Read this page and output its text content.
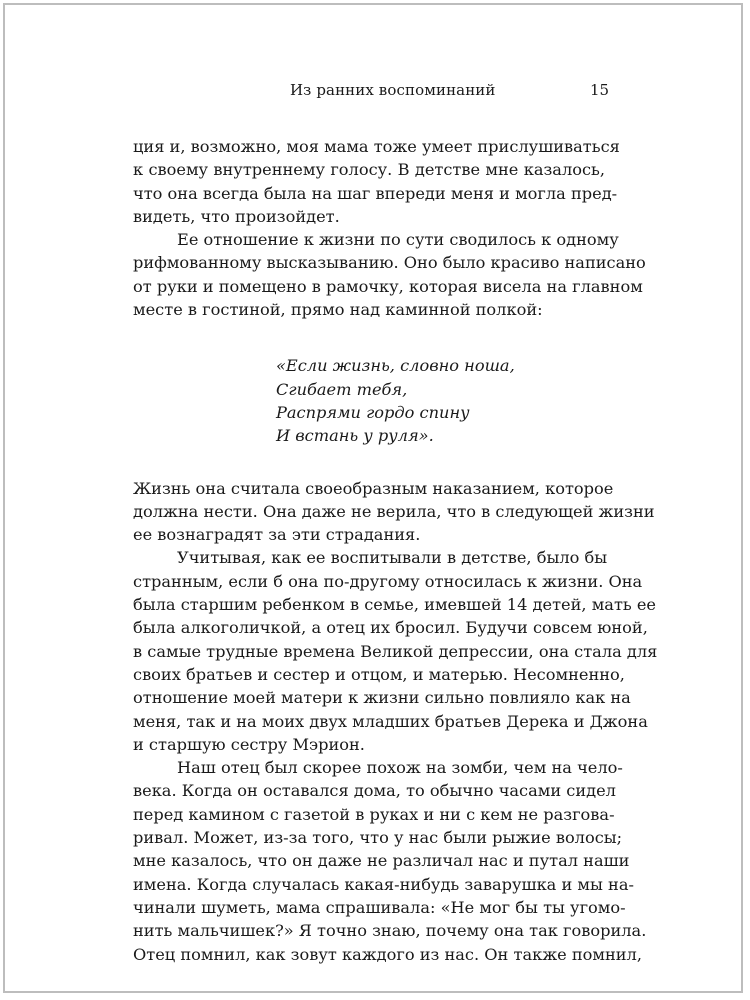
Из ранних воспоминаний	15
ция и, возможно, моя мама тоже умеет прислушиваться
к своему внутреннему голосу. В детстве мне казалось,
что она всегда была на шаг впереди меня и могла пред-
видеть, что произойдет.
Ее отношение к жизни по сути сводилось к одному
рифмованному высказыванию. Оно было красиво написано
от руки и помещено в рамочку, которая висела на главном
месте в гостиной, прямо над каминной полкой:
«Если жизнь, словно ноша,
Сгибает тебя,
Распрями гордо спину
И встань у руля».
Жизнь она считала своеобразным наказанием, которое
должна нести. Она даже не верила, что в следующей жизни
ее вознаградят за эти страдания.
Учитывая, как ее воспитывали в детстве, было бы
странным, если б она по-другому относилась к жизни. Она
была старшим ребенком в семье, имевшей 14 детей, мать ее
была алкоголичкой, а отец их бросил. Будучи совсем юной,
в самые трудные времена Великой депрессии, она стала для
своих братьев и сестер и отцом, и матерью. Несомненно,
отношение моей матери к жизни сильно повлияло как на
меня, так и на моих двух младших братьев Дерека и Джона
и старшую сестру Мэрион.
Наш отец был скорее похож на зомби, чем на чело-
века. Когда он оставался дома, то обычно часами сидел
перед камином с газетой в руках и ни с кем не разгова-
ривал. Может, из-за того, что у нас были рыжие волосы;
мне казалось, что он даже не различал нас и путал наши
имена. Когда случалась какая-нибудь заварушка и мы на-
чинали шуметь, мама спрашивала: «Не мог бы ты угомо-
нить мальчишек?» Я точно знаю, почему она так говорила.
Отец помнил, как зовут каждого из нас. Он также помнил,
